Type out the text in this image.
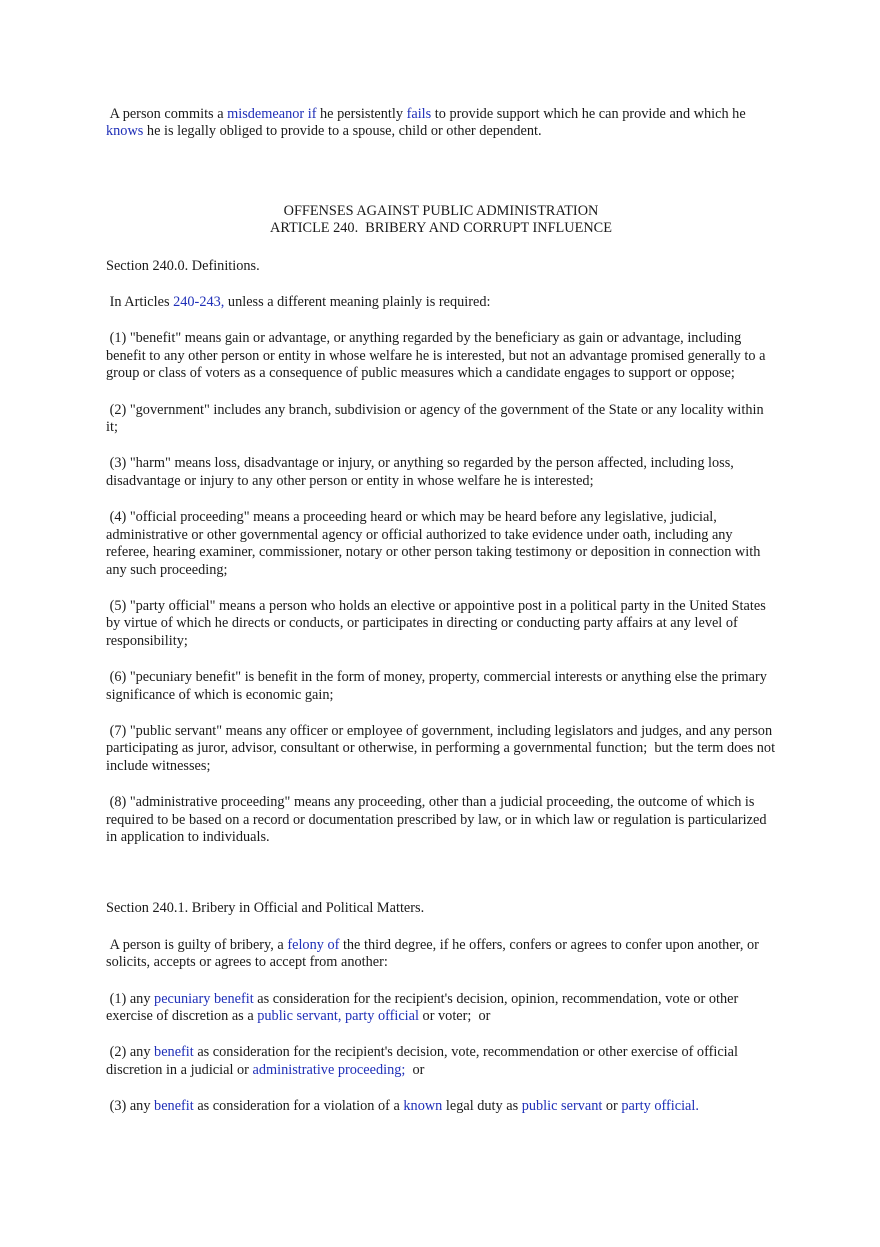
A person commits a misdemeanor if he persistently fails to provide support which he can provide and which he knows he is legally obliged to provide to a spouse, child or other dependent.

OFFENSES AGAINST PUBLIC ADMINISTRATION

ARTICLE 240.  BRIBERY AND CORRUPT INFLUENCE

Section 240.0. Definitions.

In Articles 240-243, unless a different meaning plainly is required:

(1) "benefit" means gain or advantage, or anything regarded by the beneficiary as gain or advantage, including benefit to any other person or entity in whose welfare he is interested, but not an advantage promised generally to a group or class of voters as a consequence of public measures which a candidate engages to support or oppose;

(2) "government" includes any branch, subdivision or agency of the government of the State or any locality within it;

(3) "harm" means loss, disadvantage or injury, or anything so regarded by the person affected, including loss, disadvantage or injury to any other person or entity in whose welfare he is interested;

(4) "official proceeding" means a proceeding heard or which may be heard before any legislative, judicial, administrative or other governmental agency or official authorized to take evidence under oath, including any referee, hearing examiner, commissioner, notary or other person taking testimony or deposition in connection with any such proceeding;

(5) "party official" means a person who holds an elective or appointive post in a political party in the United States by virtue of which he directs or conducts, or participates in directing or conducting party affairs at any level of responsibility;

(6) "pecuniary benefit" is benefit in the form of money, property, commercial interests or anything else the primary significance of which is economic gain;

(7) "public servant" means any officer or employee of government, including legislators and judges, and any person participating as juror, advisor, consultant or otherwise, in performing a governmental function;  but the term does not include witnesses;

(8) "administrative proceeding" means any proceeding, other than a judicial proceeding, the outcome of which is required to be based on a record or documentation prescribed by law, or in which law or regulation is particularized in application to individuals.

Section 240.1. Bribery in Official and Political Matters.

A person is guilty of bribery, a felony of the third degree, if he offers, confers or agrees to confer upon another, or solicits, accepts or agrees to accept from another:

(1) any pecuniary benefit as consideration for the recipient's decision, opinion, recommendation, vote or other exercise of discretion as a public servant, party official or voter;  or

(2) any benefit as consideration for the recipient's decision, vote, recommendation or other exercise of official discretion in a judicial or administrative proceeding;  or

(3) any benefit as consideration for a violation of a known legal duty as public servant or party official.
